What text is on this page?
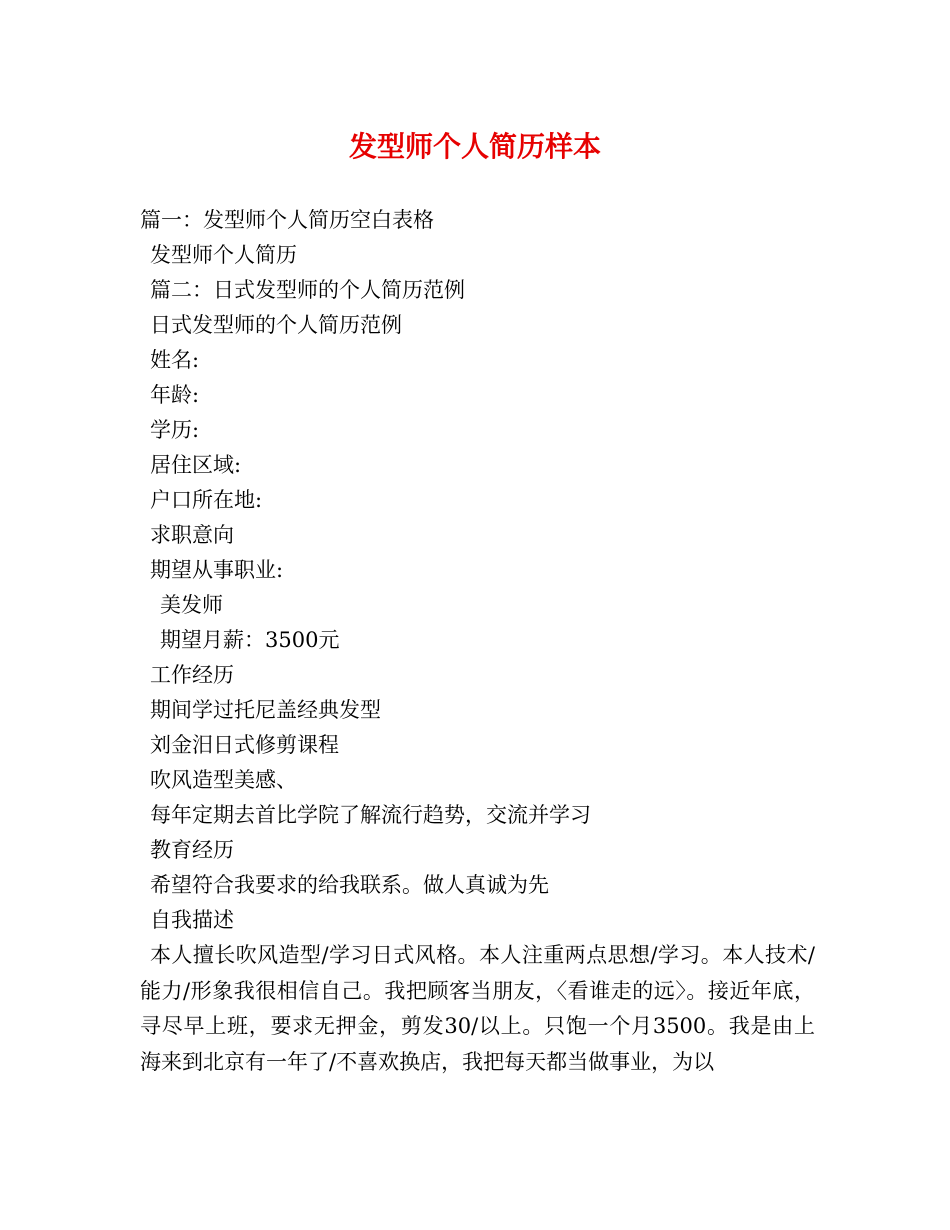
发型师个人简历样本
篇一：发型师个人简历空白表格
发型师个人简历
篇二：日式发型师的个人简历范例
日式发型师的个人简历范例
姓名:
年龄:
学历:
居住区域:
户口所在地:
求职意向
期望从事职业:
美发师
期望月薪：3500元
工作经历
期间学过托尼盖经典发型
刘金汨日式修剪课程
吹风造型美感、
每年定期去首比学院了解流行趋势，交流并学习
教育经历
希望符合我要求的给我联系。做人真诚为先
自我描述

本人擅长吹风造型/学习日式风格。本人注重两点思想/学习。本人技术/能力/形象我很相信自己。我把顾客当朋友，〈看谁走的远〉。接近年底，寻尽早上班，要求无押金，剪发30/以上。只饱一个月3500。我是由上海来到北京有一年了/不喜欢换店，我把每天都当做事业，为以
